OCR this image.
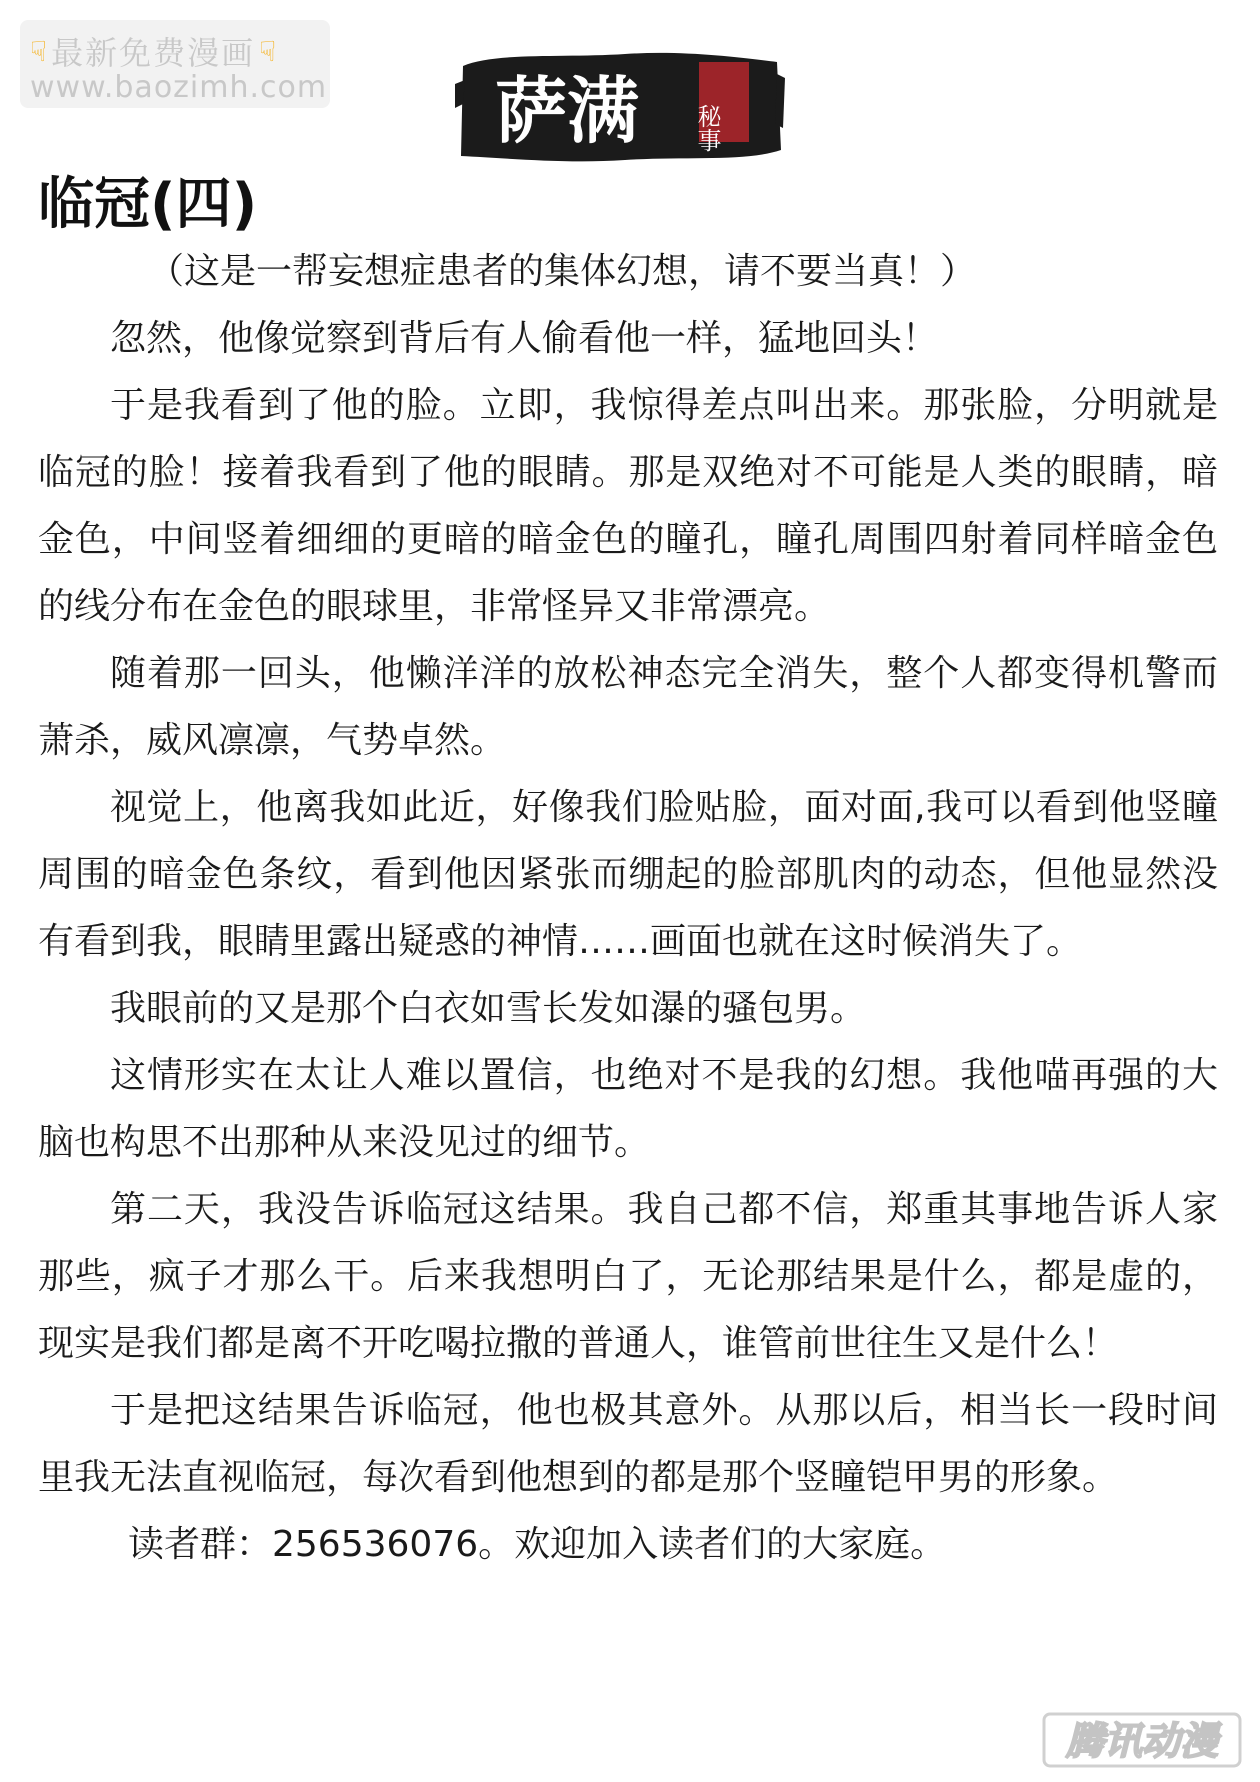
☟ 最新免费漫画 ☟
www.baozimh.com 萨满 秘事
临冠(四)

（这是一帮妄想症患者的集体幻想，请不要当真！）

忽然，他像觉察到背后有人偷看他一样，猛地回头！

于是我看到了他的脸。立即，我惊得差点叫出来。那张脸，分明就是临冠的脸！接着我看到了他的眼睛。那是双绝对不可能是人类的眼睛，暗金色，中间竖着细细的更暗的暗金色的瞳孔，瞳孔周围四射着同样暗金色的线分布在金色的眼球里，非常怪异又非常漂亮。

随着那一回头，他懒洋洋的放松神态完全消失，整个人都变得机警而萧杀，威风凛凛，气势卓然。

视觉上，他离我如此近，好像我们脸贴脸，面对面,我可以看到他竖瞳周围的暗金色条纹，看到他因紧张而绷起的脸部肌肉的动态，但他显然没有看到我，眼睛里露出疑惑的神情……画面也就在这时候消失了。

我眼前的又是那个白衣如雪长发如瀑的骚包男。

这情形实在太让人难以置信，也绝对不是我的幻想。我他喵再强的大脑也构思不出那种从来没见过的细节。

第二天，我没告诉临冠这结果。我自己都不信，郑重其事地告诉人家那些，疯子才那么干。后来我想明白了，无论那结果是什么，都是虚的，现实是我们都是离不开吃喝拉撒的普通人，谁管前世往生又是什么！

于是把这结果告诉临冠，他也极其意外。从那以后，相当长一段时间里我无法直视临冠，每次看到他想到的都是那个竖瞳铠甲男的形象。

读者群：256536076。欢迎加入读者们的大家庭。

腾讯动漫
